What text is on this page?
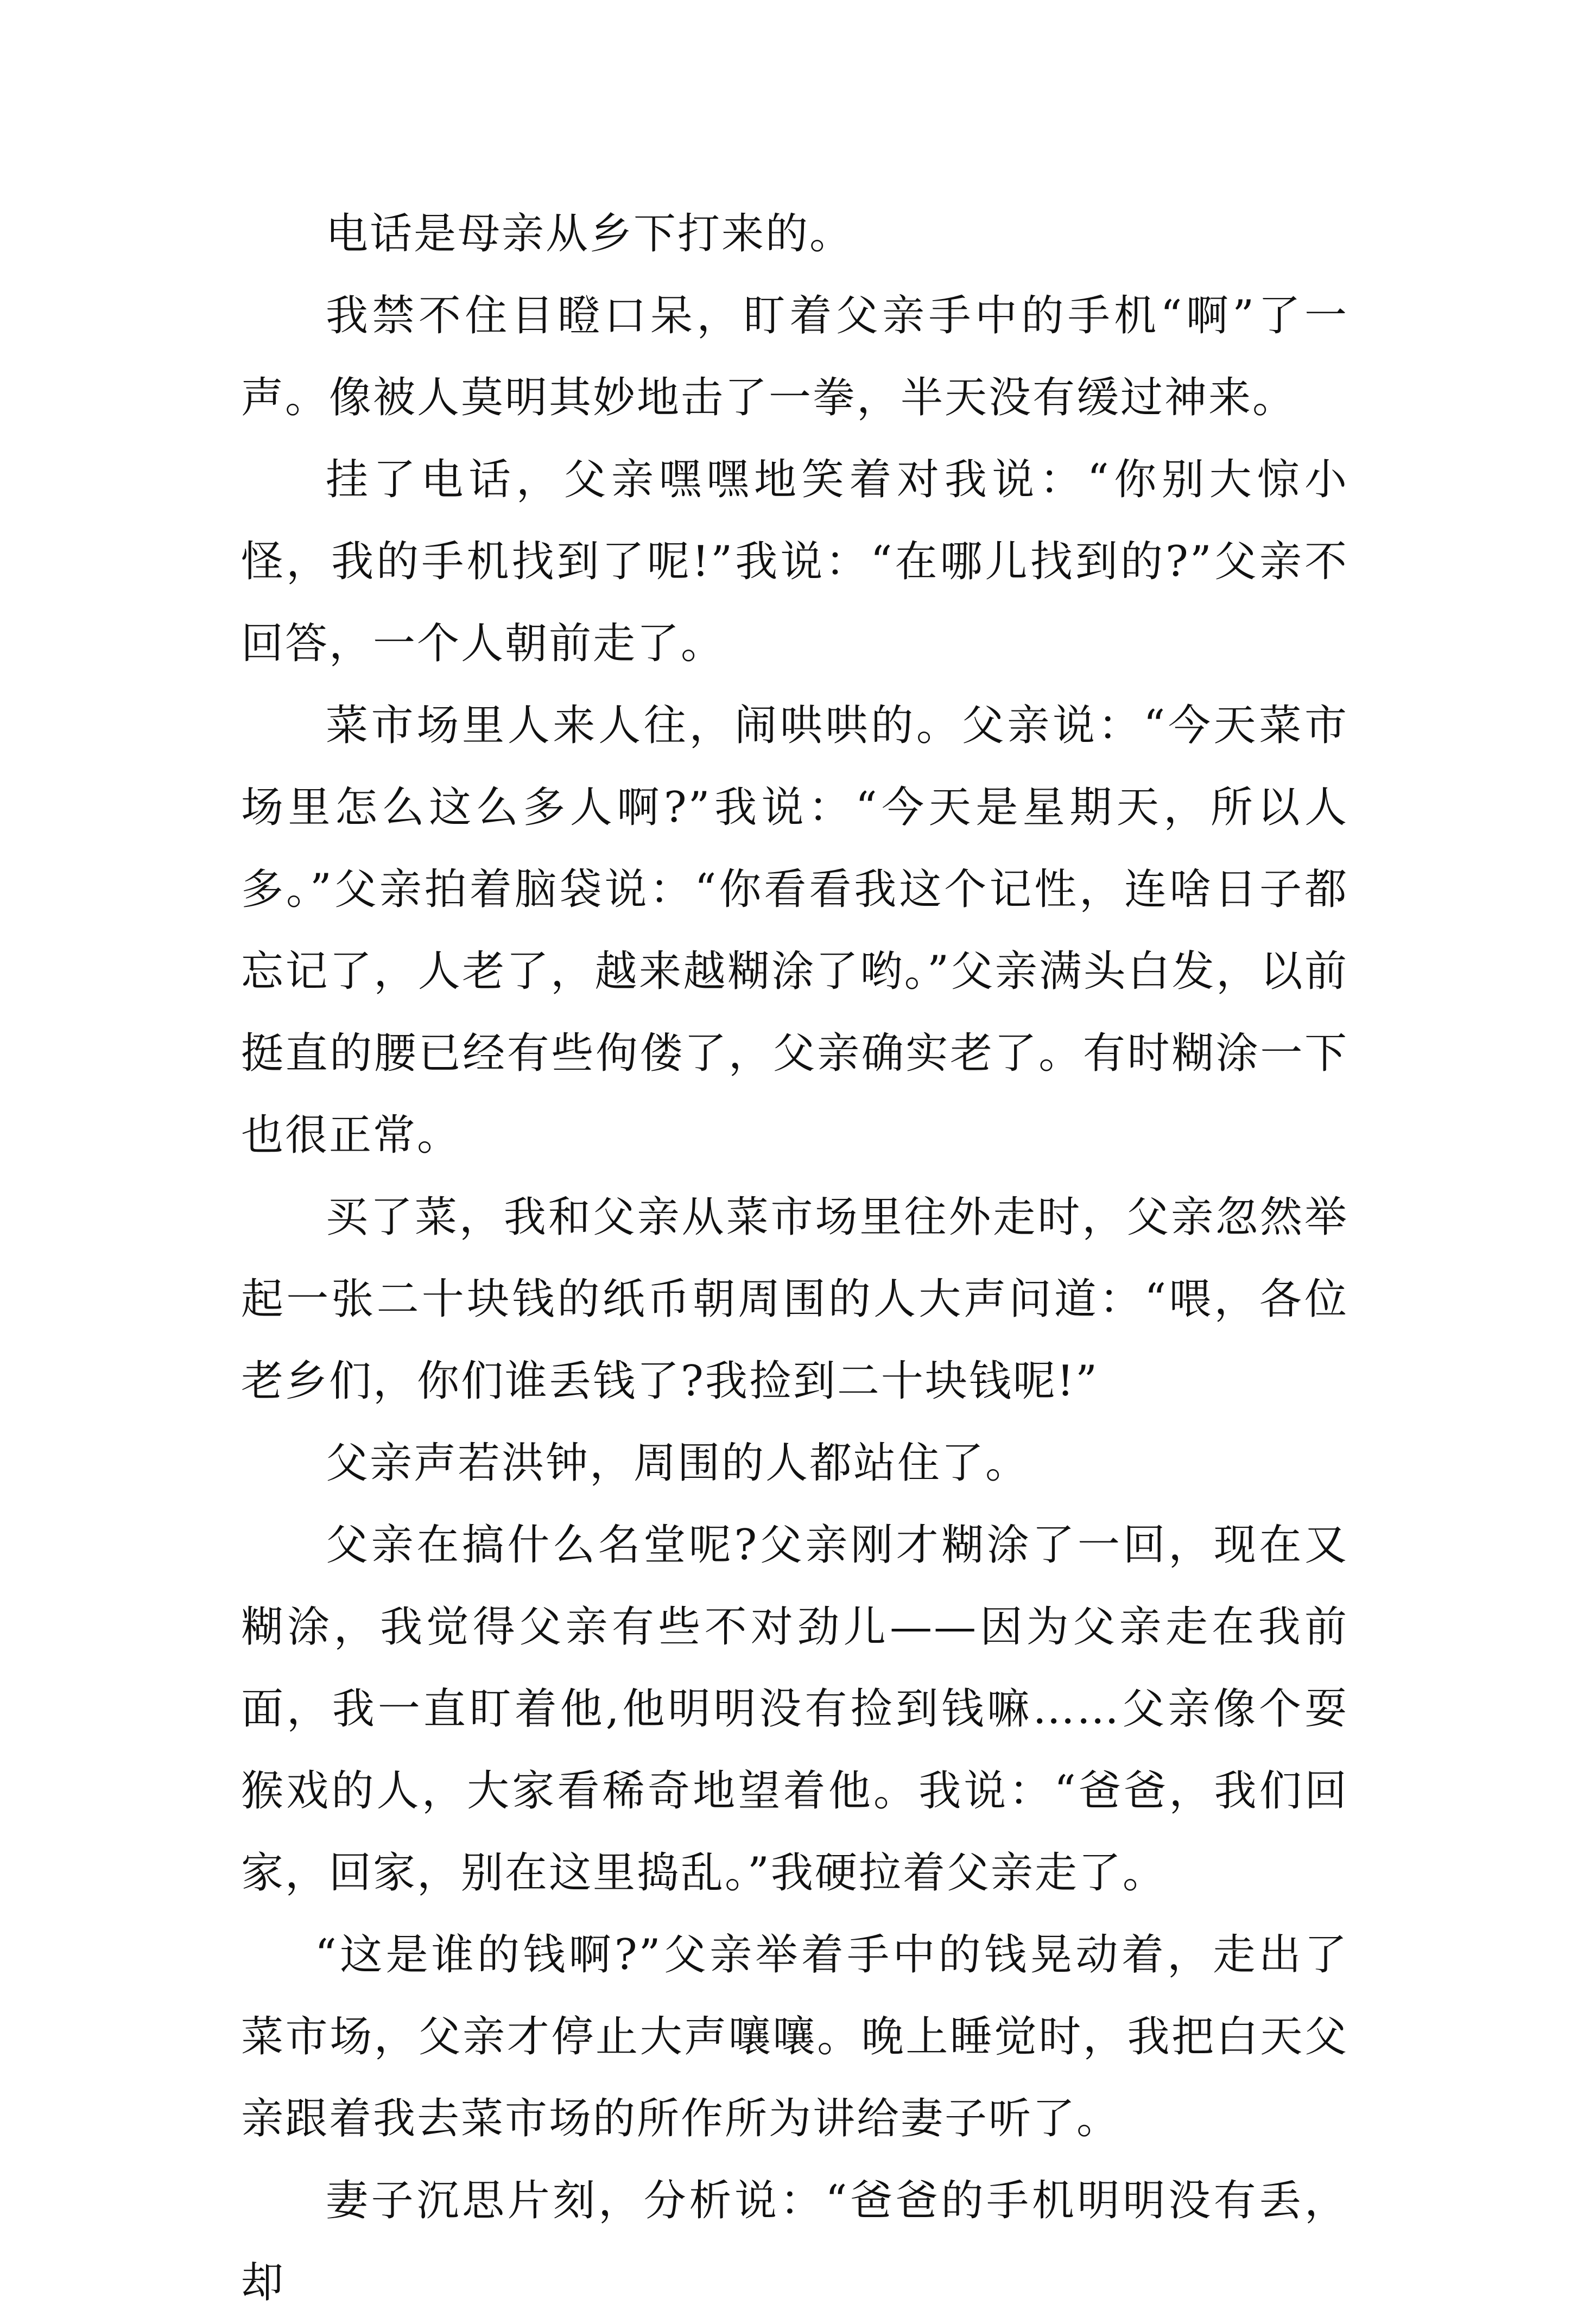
电话是母亲从乡下打来的。

我禁不住目瞪口呆，盯着父亲手中的手机“啊”了一声。像被人莫明其妙地击了一拳，半天没有缓过神来。

挂了电话，父亲嘿嘿地笑着对我说：“你别大惊小怪，我的手机找到了呢!”我说：“在哪儿找到的?”父亲不回答，一个人朝前走了。

菜市场里人来人往，闹哄哄的。父亲说：“今天菜市场里怎么这么多人啊?”我说：“今天是星期天，所以人多。”父亲拍着脑袋说：“你看看我这个记性，连啥日子都忘记了，人老了，越来越糊涂了哟。”父亲满头白发，以前挺直的腰已经有些佝偻了，父亲确实老了。有时糊涂一下也很正常。

买了菜，我和父亲从菜市场里往外走时，父亲忽然举起一张二十块钱的纸币朝周围的人大声问道：“喂，各位老乡们，你们谁丢钱了?我捡到二十块钱呢!”

父亲声若洪钟，周围的人都站住了。

父亲在搞什么名堂呢?父亲刚才糊涂了一回，现在又糊涂，我觉得父亲有些不对劲儿——因为父亲走在我前面，我一直盯着他,他明明没有捡到钱嘛……父亲像个耍猴戏的人，大家看稀奇地望着他。我说：“爸爸，我们回家，回家，别在这里捣乱。”我硬拉着父亲走了。

“这是谁的钱啊?”父亲举着手中的钱晃动着，走出了菜市场，父亲才停止大声嚷嚷。晚上睡觉时，我把白天父亲跟着我去菜市场的所作所为讲给妻子听了。

妻子沉思片刻，分析说：“爸爸的手机明明没有丢，却
